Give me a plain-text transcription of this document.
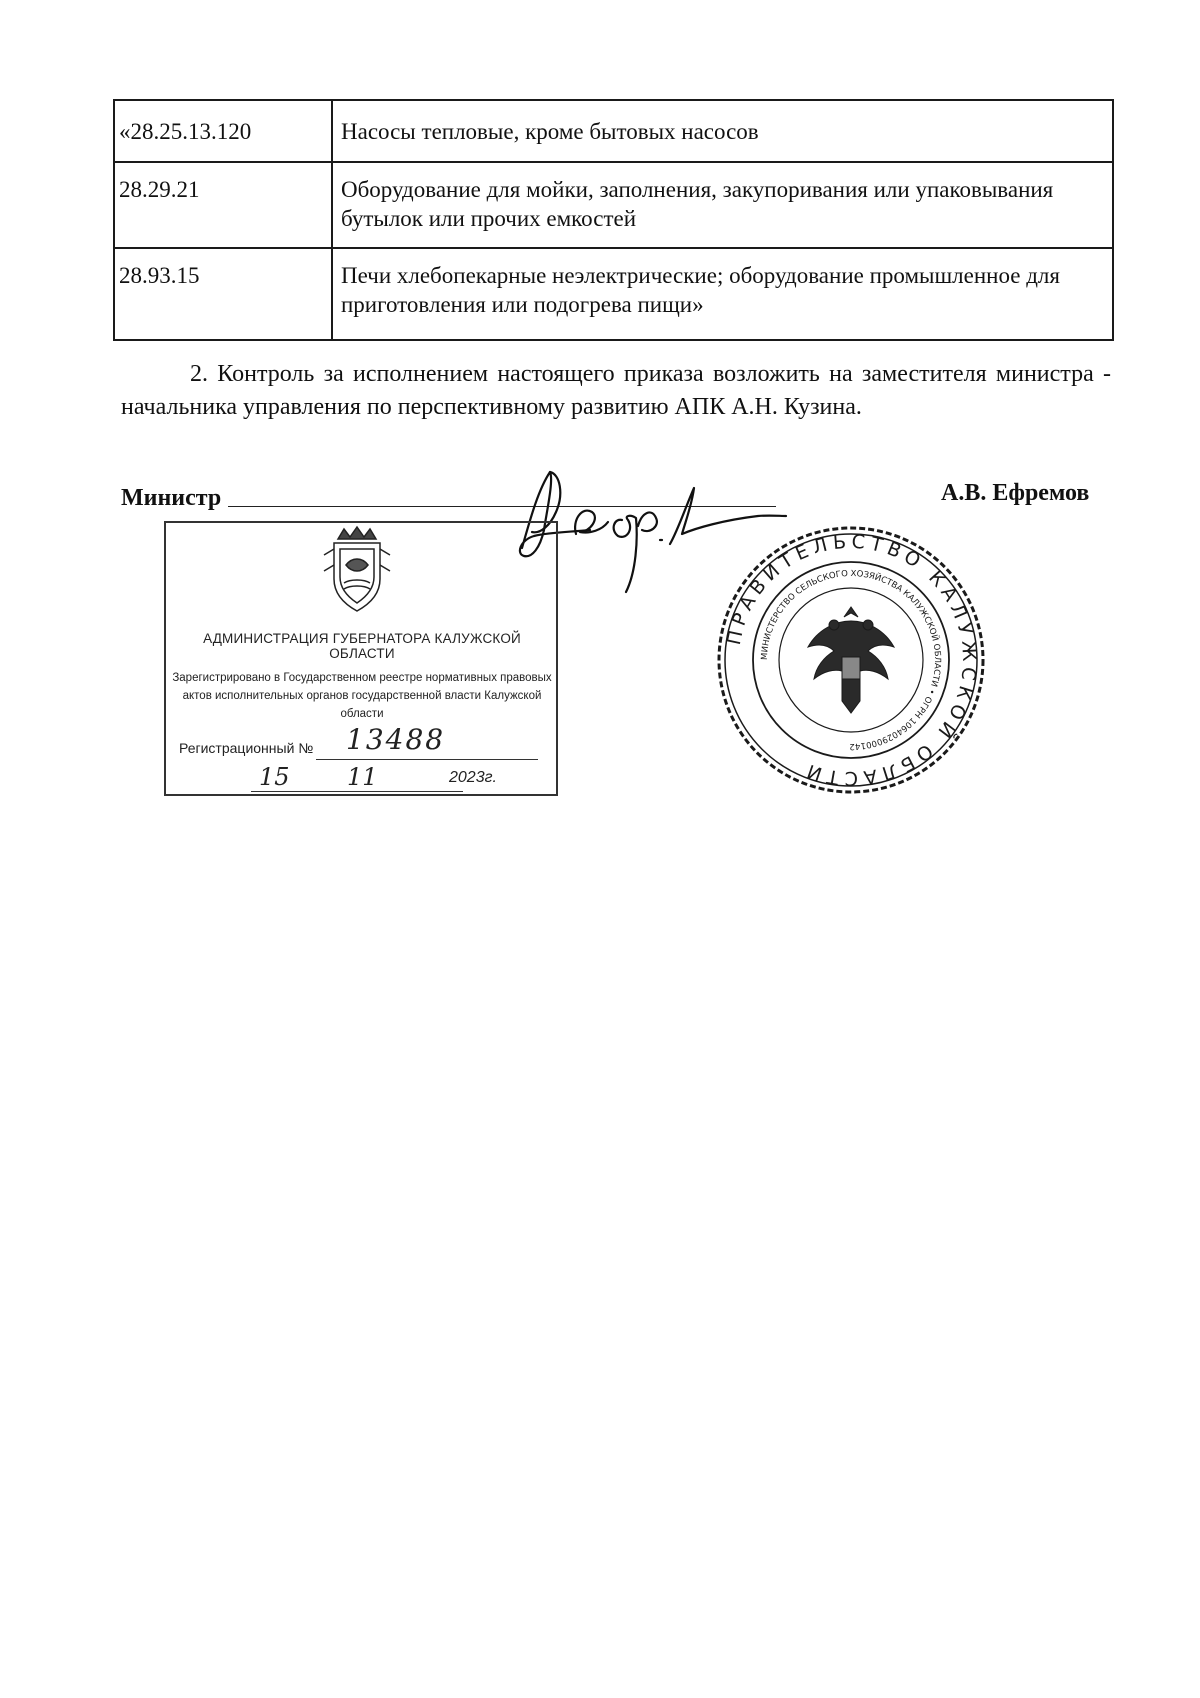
«28.25.13.120	Насосы тепловые, кроме бытовых насосов
28.29.21	Оборудование для мойки, заполнения, закупоривания или упаковывания бутылок или прочих емкостей
28.93.15	Печи хлебопекарные неэлектрические; оборудование промышленное для приготовления или подогрева пищи»

2. Контроль за исполнением настоящего приказа возложить на заместителя министра - начальника управления по перспективному развитию АПК А.Н. Кузина.

Министр	А.В. Ефремов
АДМИНИСТРАЦИЯ ГУБЕРНАТОРА КАЛУЖСКОЙ ОБЛАСТИ
Зарегистрировано в Государственном реестре нормативных правовых актов исполнительных органов государственной власти Калужской области
Регистрационный № 13488
15 11	2023г.
ПРАВИТЕЛЬСТВО КАЛУЖСКОЙ ОБЛАСТИ
МИНИСТЕРСТВО СЕЛЬСКОГО ХОЗЯЙСТВА КАЛУЖСКОЙ ОБЛАСТИ • ОГРН 1064029000142
